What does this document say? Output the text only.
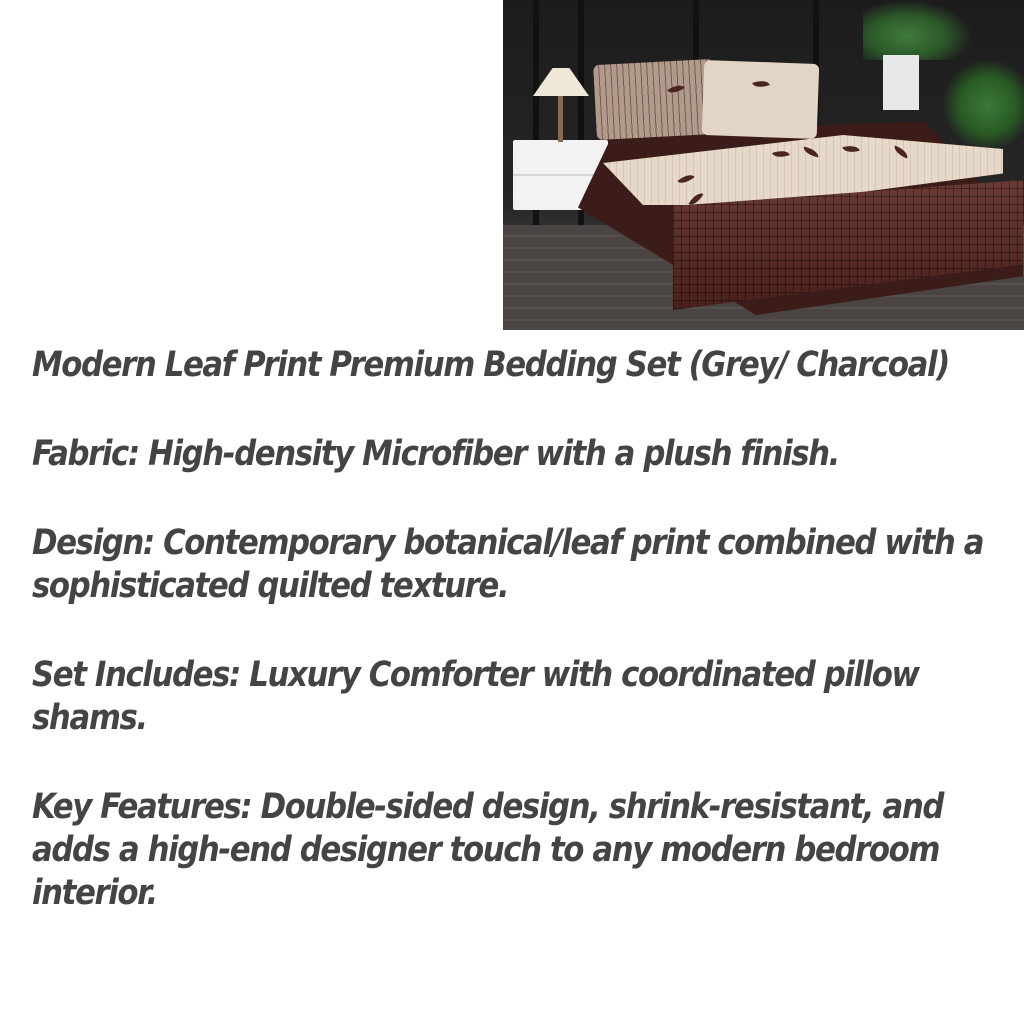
Modern Leaf Print Premium Bedding Set (Grey/ Charcoal)

Fabric: High-density Microfiber with a plush finish.

Design: Contemporary botanical/leaf print combined with a sophisticated quilted texture.

Set Includes: Luxury Comforter with coordinated pillow shams.

Key Features: Double-sided design, shrink-resistant, and adds a high-end designer touch to any modern bedroom interior.
